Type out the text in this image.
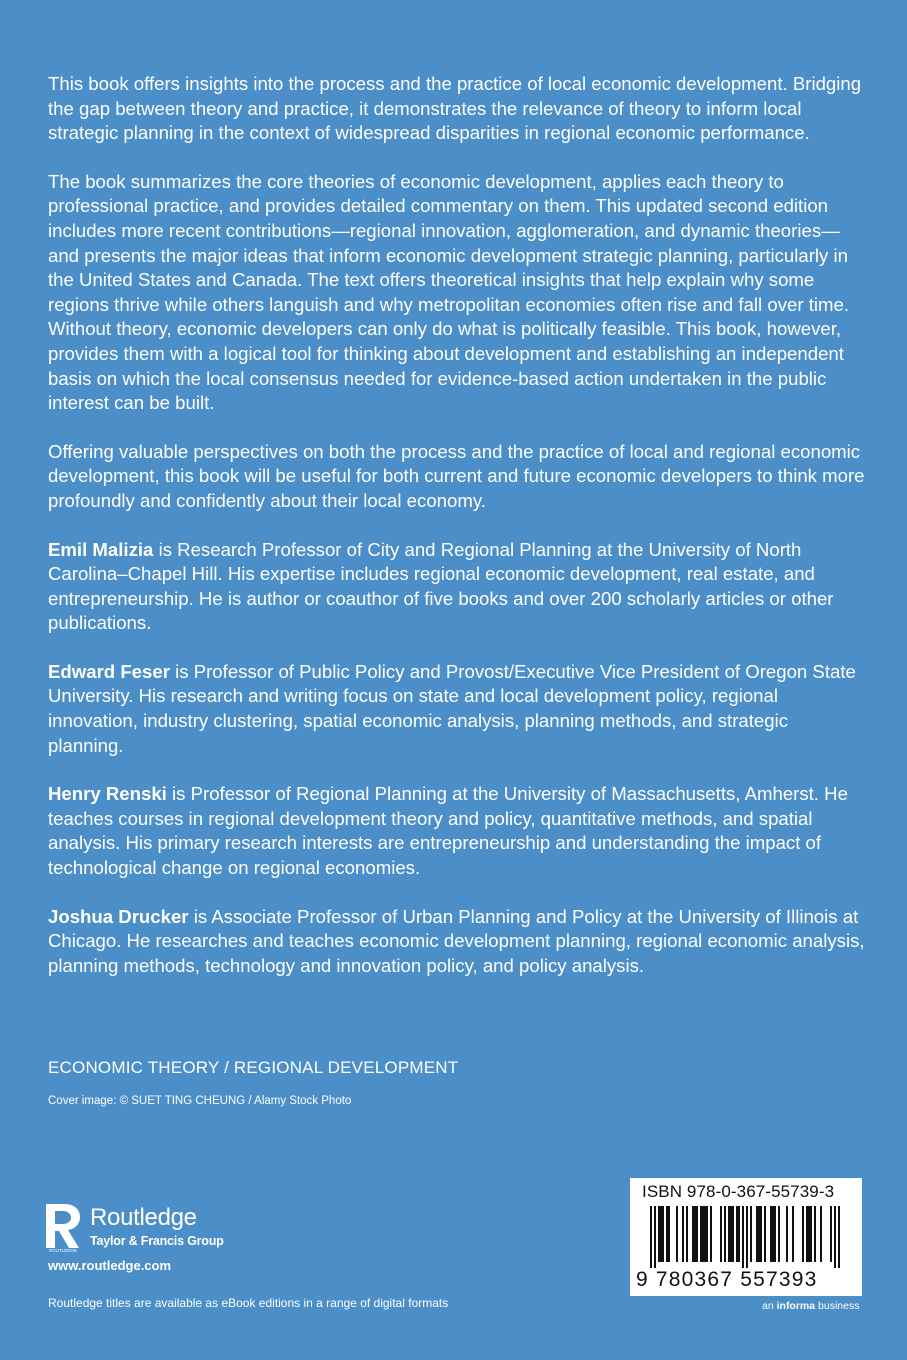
This book offers insights into the process and the practice of local economic development. Bridging the gap between theory and practice, it demonstrates the relevance of theory to inform local strategic planning in the context of widespread disparities in regional economic performance.

The book summarizes the core theories of economic development, applies each theory to professional practice, and provides detailed commentary on them. This updated second edition includes more recent contributions—regional innovation, agglomeration, and dynamic theories—and presents the major ideas that inform economic development strategic planning, particularly in the United States and Canada. The text offers theoretical insights that help explain why some regions thrive while others languish and why metropolitan economies often rise and fall over time. Without theory, economic developers can only do what is politically feasible. This book, however, provides them with a logical tool for thinking about development and establishing an independent basis on which the local consensus needed for evidence-based action undertaken in the public interest can be built.

Offering valuable perspectives on both the process and the practice of local and regional economic development, this book will be useful for both current and future economic developers to think more profoundly and confidently about their local economy.

Emil Malizia is Research Professor of City and Regional Planning at the University of North Carolina–Chapel Hill. His expertise includes regional economic development, real estate, and entrepreneurship. He is author or coauthor of five books and over 200 scholarly articles or other publications.

Edward Feser is Professor of Public Policy and Provost/Executive Vice President of Oregon State University. His research and writing focus on state and local development policy, regional innovation, industry clustering, spatial economic analysis, planning methods, and strategic planning.

Henry Renski is Professor of Regional Planning at the University of Massachusetts, Amherst. He teaches courses in regional development theory and policy, quantitative methods, and spatial analysis. His primary research interests are entrepreneurship and understanding the impact of technological change on regional economies.

Joshua Drucker is Associate Professor of Urban Planning and Policy at the University of Illinois at Chicago. He researches and teaches economic development planning, regional economic analysis, planning methods, technology and innovation policy, and policy analysis.

ECONOMIC THEORY / REGIONAL DEVELOPMENT
Cover image: © SUET TING CHEUNG / Alamy Stock Photo
ROUTLEDGE
Routledge
Taylor & Francis Group
www.routledge.com
Routledge titles are available as eBook editions in a range of digital formats
ISBN 978-0-367-55739-3
9 780367 557393
an informa business
